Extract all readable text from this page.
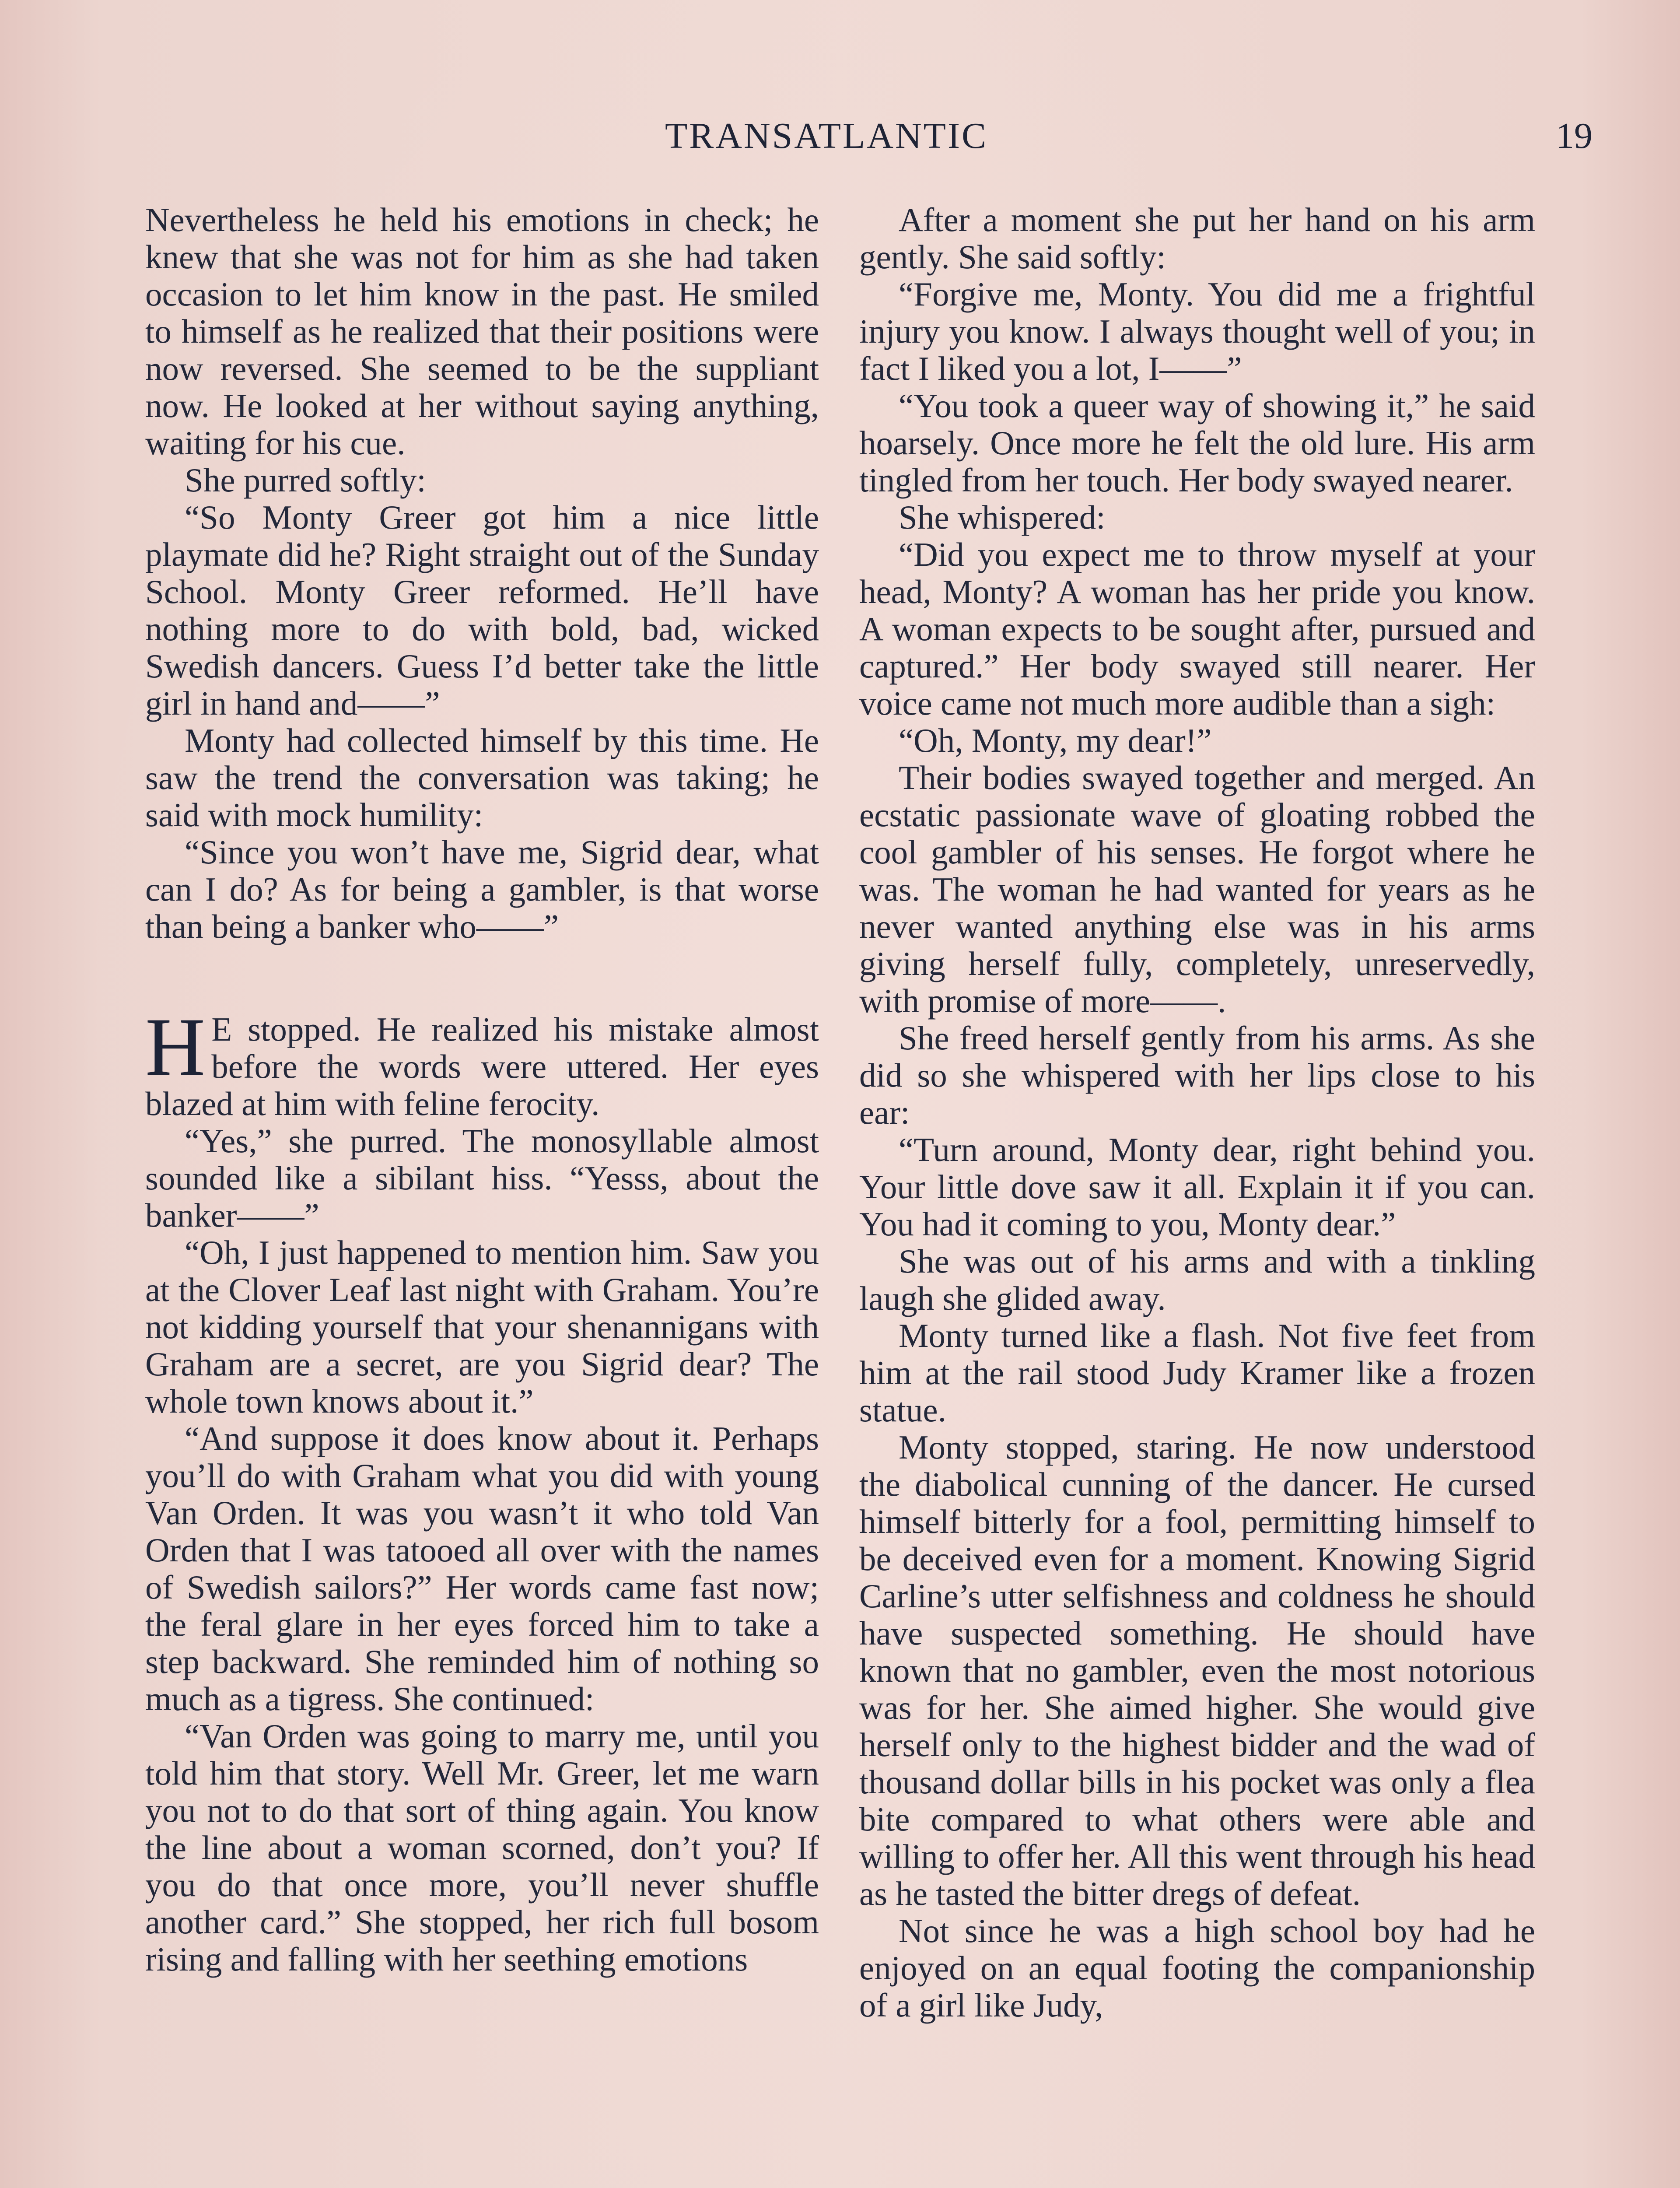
TRANSATLANTIC	19

Nevertheless he held his emotions in check; he knew that she was not for him as she had taken occasion to let him know in the past. He smiled to himself as he realized that their positions were now reversed. She seemed to be the suppliant now. He looked at her without saying anything, waiting for his cue.

She purred softly:

“So Monty Greer got him a nice little playmate did he? Right straight out of the Sunday School. Monty Greer reformed. He’ll have nothing more to do with bold, bad, wicked Swedish dancers. Guess I’d better take the little girl in hand and——”

Monty had collected himself by this time. He saw the trend the conversation was taking; he said with mock humility:

“Since you won’t have me, Sigrid dear, what can I do? As for being a gambler, is that worse than being a banker who——”

H E stopped. He realized his mistake almost before the words were uttered. Her eyes blazed at him with feline ferocity.

“Yes,” she purred. The monosyllable almost sounded like a sibilant hiss. “Yesss, about the banker——”

“Oh, I just happened to mention him. Saw you at the Clover Leaf last night with Graham. You’re not kidding yourself that your shenannigans with Graham are a secret, are you Sigrid dear? The whole town knows about it.”

“And suppose it does know about it. Perhaps you’ll do with Graham what you did with young Van Orden. It was you wasn’t it who told Van Orden that I was tatooed all over with the names of Swedish sailors?” Her words came fast now; the feral glare in her eyes forced him to take a step backward. She reminded him of nothing so much as a tigress. She continued:

“Van Orden was going to marry me, until you told him that story. Well Mr. Greer, let me warn you not to do that sort of thing again. You know the line about a woman scorned, don’t you? If you do that once more, you’ll never shuffle another card.” She stopped, her rich full bosom rising and falling with her seething emotions

After a moment she put her hand on his arm gently. She said softly:

“Forgive me, Monty. You did me a frightful injury you know. I always thought well of you; in fact I liked you a lot, I——”

“You took a queer way of showing it,” he said hoarsely. Once more he felt the old lure. His arm tingled from her touch. Her body swayed nearer.

She whispered:

“Did you expect me to throw myself at your head, Monty? A woman has her pride you know. A woman expects to be sought after, pursued and captured.” Her body swayed still nearer. Her voice came not much more audible than a sigh:

“Oh, Monty, my dear!”

Their bodies swayed together and merged. An ecstatic passionate wave of gloating robbed the cool gambler of his senses. He forgot where he was. The woman he had wanted for years as he never wanted anything else was in his arms giving herself fully, completely, unreservedly, with promise of more——.

She freed herself gently from his arms. As she did so she whispered with her lips close to his ear:

“Turn around, Monty dear, right behind you. Your little dove saw it all. Explain it if you can. You had it coming to you, Monty dear.”

She was out of his arms and with a tinkling laugh she glided away.

Monty turned like a flash. Not five feet from him at the rail stood Judy Kramer like a frozen statue.

Monty stopped, staring. He now understood the diabolical cunning of the dancer. He cursed himself bitterly for a fool, permitting himself to be deceived even for a moment. Knowing Sigrid Carline’s utter selfishness and coldness he should have suspected something. He should have known that no gambler, even the most notorious was for her. She aimed higher. She would give herself only to the highest bidder and the wad of thousand dollar bills in his pocket was only a flea bite compared to what others were able and willing to offer her. All this went through his head as he tasted the bitter dregs of defeat.

Not since he was a high school boy had he enjoyed on an equal footing the companionship of a girl like Judy,
